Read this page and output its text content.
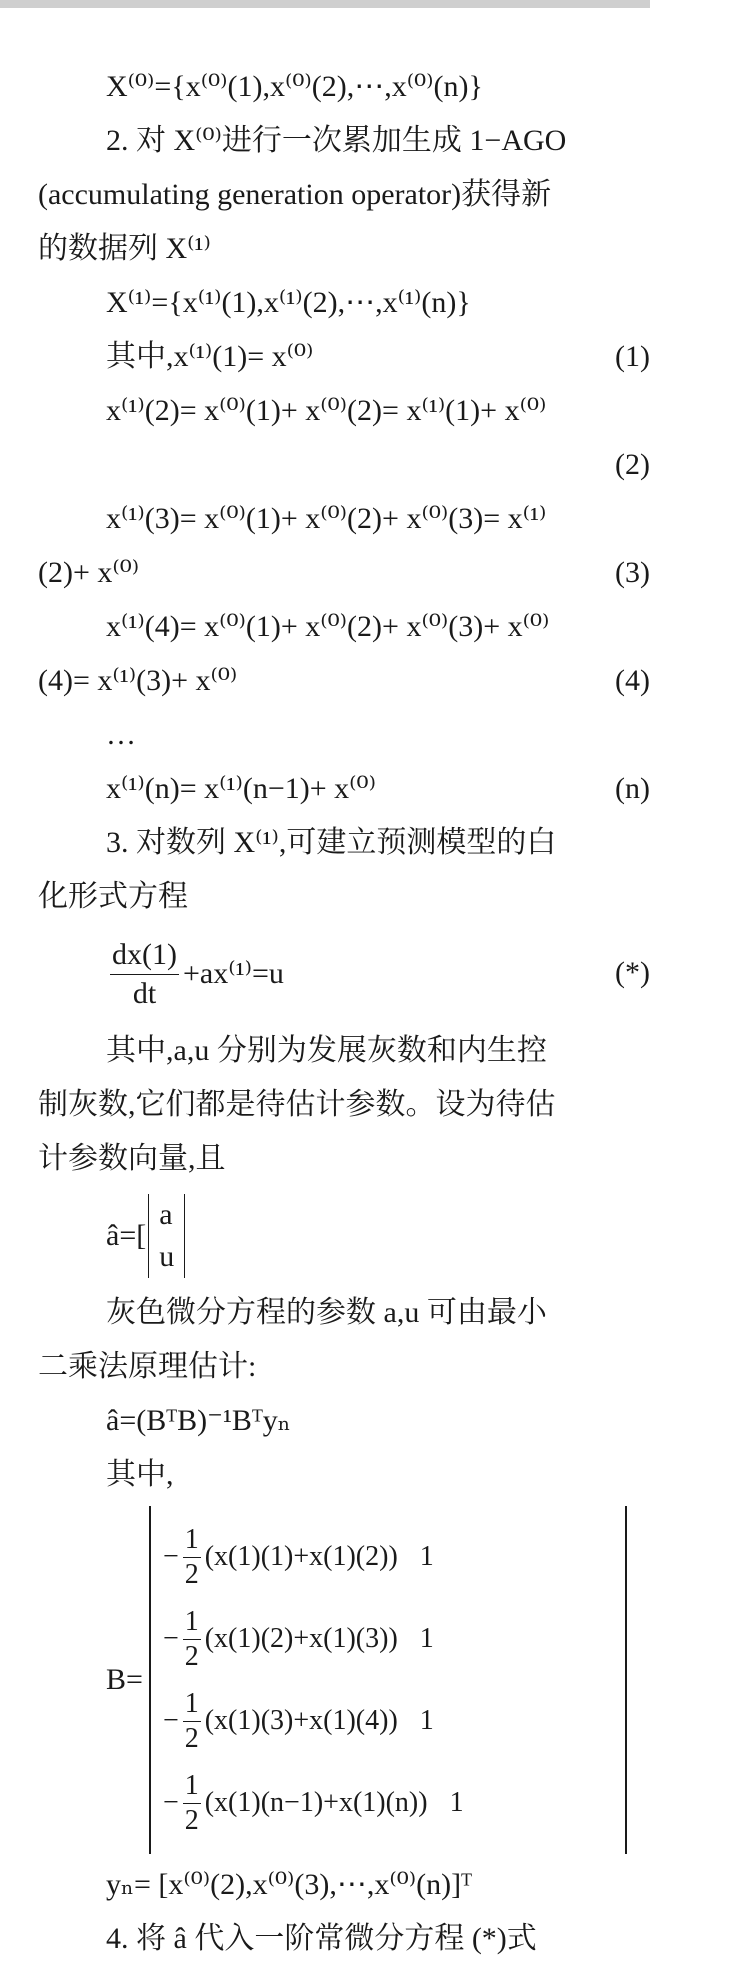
X⁽⁰⁾={x⁽⁰⁾(1),x⁽⁰⁾(2),⋯,x⁽⁰⁾(n)}
2. 对 X⁽⁰⁾进行一次累加生成 1−AGO
(accumulating generation operator)获得新
的数据列 X⁽¹⁾
X⁽¹⁾={x⁽¹⁾(1),x⁽¹⁾(2),⋯,x⁽¹⁾(n)}
其中,x⁽¹⁾(1)= x⁽⁰⁾	(1)
x⁽¹⁾(2)= x⁽⁰⁾(1)+ x⁽⁰⁾(2)= x⁽¹⁾(1)+ x⁽⁰⁾
(2)
x⁽¹⁾(3)= x⁽⁰⁾(1)+ x⁽⁰⁾(2)+ x⁽⁰⁾(3)= x⁽¹⁾
(2)+ x⁽⁰⁾	(3)
x⁽¹⁾(4)= x⁽⁰⁾(1)+ x⁽⁰⁾(2)+ x⁽⁰⁾(3)+ x⁽⁰⁾
(4)= x⁽¹⁾(3)+ x⁽⁰⁾	(4)
…
x⁽¹⁾(n)= x⁽¹⁾(n−1)+ x⁽⁰⁾	(n)
3. 对数列 X⁽¹⁾,可建立预测模型的白
化形式方程
$\frac{dx(1)}{dt} +ax^{(1)}=u$	(*)
其中,a,u 分别为发展灰数和内生控
制灰数,它们都是待估计参数。设为待估
计参数向量,且
â=[
a
u
灰色微分方程的参数 a,u 可由最小
二乘法原理估计:
â=(BᵀB)⁻¹Bᵀyₙ
其中,
B=
− $\frac{1}{2} (x(1)(1)+x(1)(2))$ 1
− $\frac{1}{2} (x(1)(2)+x(1)(3))$ 1
− $\frac{1}{2} (x(1)(3)+x(1)(4))$ 1
− $\frac{1}{2} (x(1)(n-1)+x(1)(n))$ 1
yₙ= [x⁽⁰⁾(2),x⁽⁰⁾(3),⋯,x⁽⁰⁾(n)]ᵀ
4. 将 â 代入一阶常微分方程 (*)式
